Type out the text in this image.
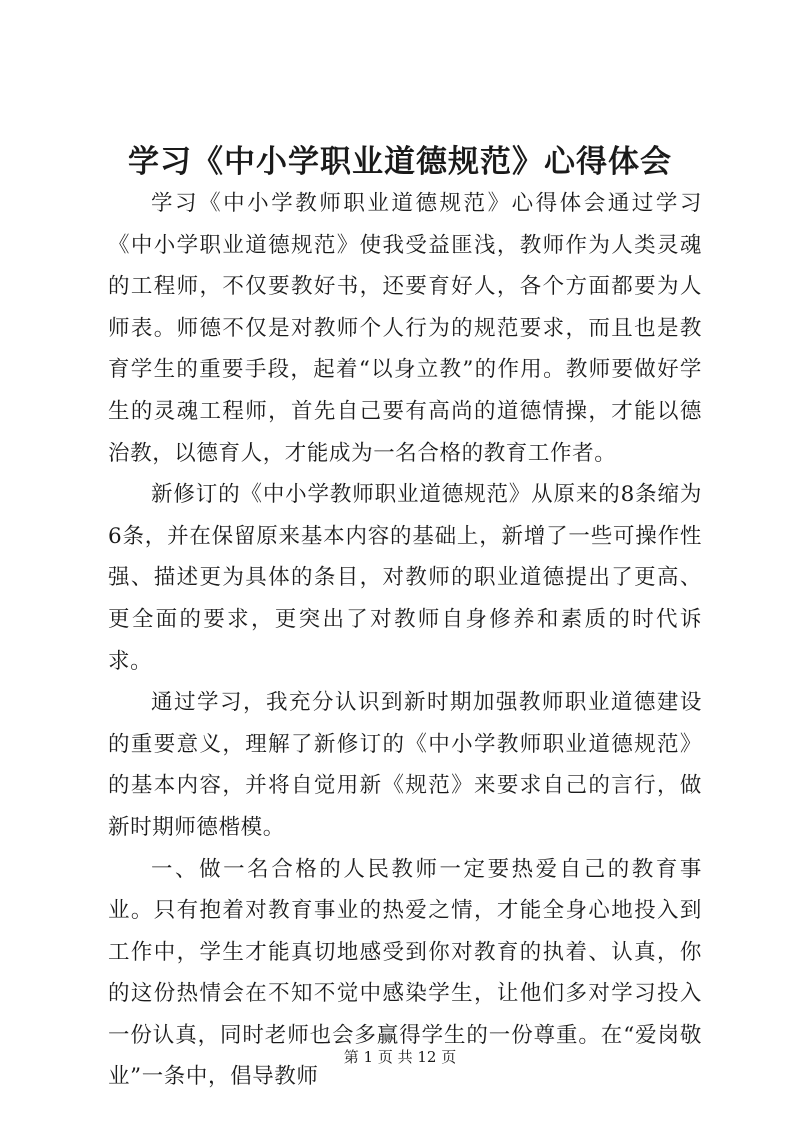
学习《中小学职业道德规范》心得体会

学习《中小学教师职业道德规范》心得体会通过学习《中小学职业道德规范》使我受益匪浅，教师作为人类灵魂的工程师，不仅要教好书，还要育好人，各个方面都要为人师表。师德不仅是对教师个人行为的规范要求，而且也是教育学生的重要手段，起着“以身立教”的作用。教师要做好学生的灵魂工程师，首先自己要有高尚的道德情操，才能以德治教，以德育人，才能成为一名合格的教育工作者。

新修订的《中小学教师职业道德规范》从原来的8条缩为6条，并在保留原来基本内容的基础上，新增了一些可操作性强、描述更为具体的条目，对教师的职业道德提出了更高、更全面的要求，更突出了对教师自身修养和素质的时代诉求。

通过学习，我充分认识到新时期加强教师职业道德建设的重要意义，理解了新修订的《中小学教师职业道德规范》的基本内容，并将自觉用新《规范》来要求自己的言行，做新时期师德楷模。

一、做一名合格的人民教师一定要热爱自己的教育事业。只有抱着对教育事业的热爱之情，才能全身心地投入到工作中，学生才能真切地感受到你对教育的执着、认真，你的这份热情会在不知不觉中感染学生，让他们多对学习投入一份认真，同时老师也会多赢得学生的一份尊重。在“爱岗敬业”一条中，倡导教师

第 1 页 共 12 页
